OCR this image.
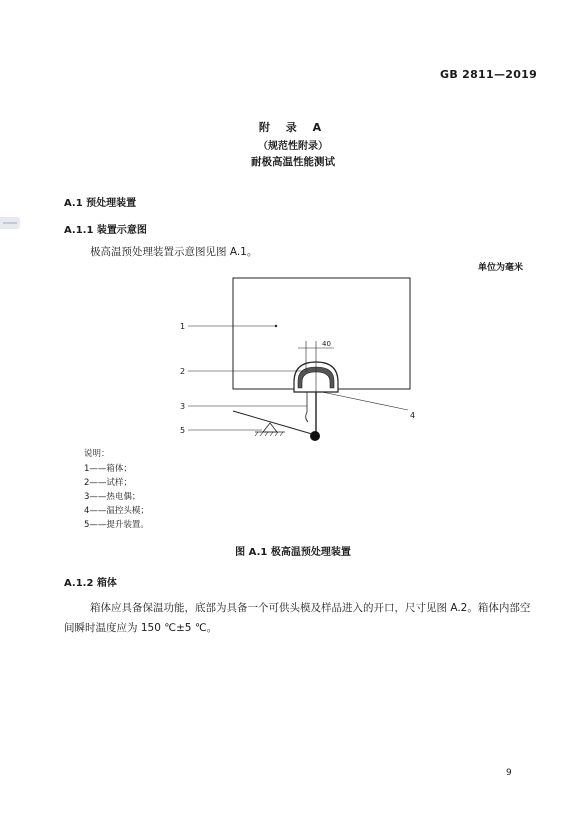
GB 2811—2019
附 录 A
（规范性附录）
耐极高温性能测试
A.1 预处理装置
A.1.1 装置示意图
极高温预处理装置示意图见图 A.1。
单位为毫米
40
1
2
3
4
5
说明：
1——箱体；
2——试样；
3——热电偶；
4——温控头模；
5——提升装置。
图 A.1 极高温预处理装置
A.1.2 箱体
箱体应具备保温功能，底部为具备一个可供头模及样品进入的开口，尺寸见图 A.2。箱体内部空间瞬时温度应为 150 ℃±5 ℃。
9
